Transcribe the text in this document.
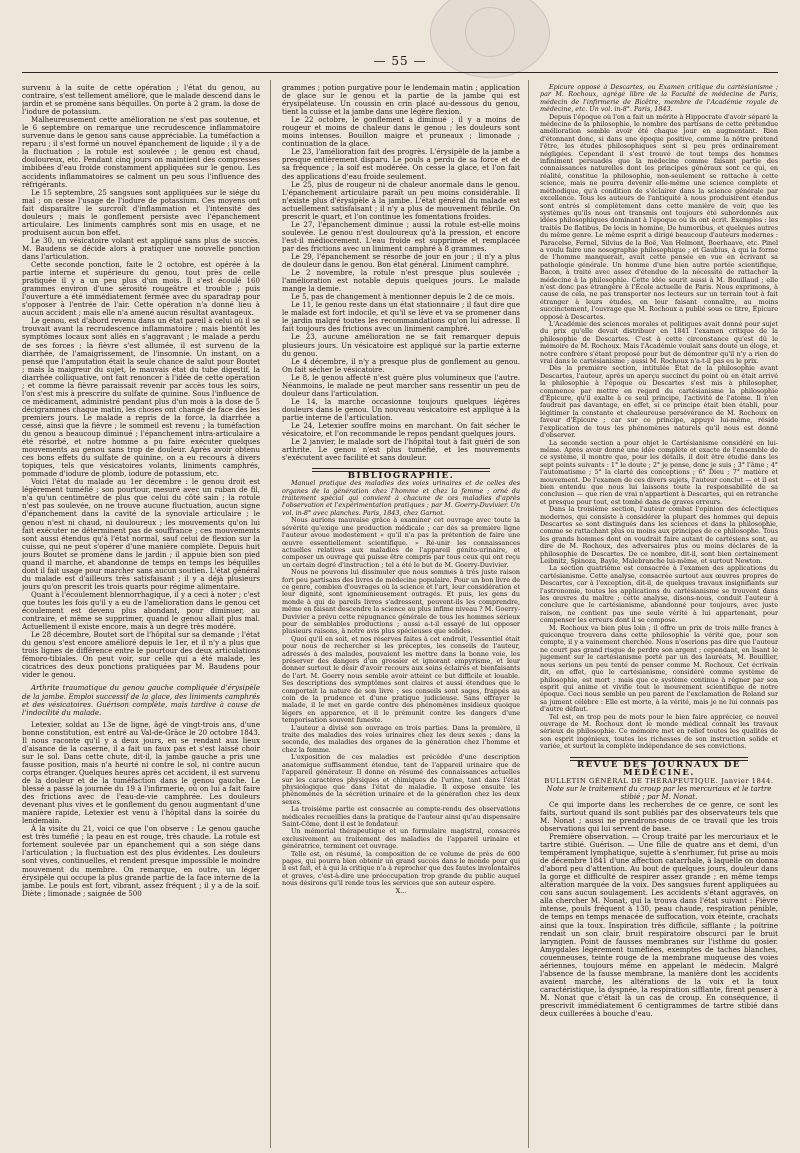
— 55 —

survenu à la suite de cette opération ; l'état du genou, au contraire, s'est tellement amélioré, que le malade descend dans le jardin et se promène sans béquilles. On porte à 2 gram. la dose de l'iodure de potassium.

Malheureusement cette amélioration ne s'est pas soutenue, et le 6 septembre on remarque une recrudescence inflammatoire survenue dans le genou sans cause appréciable. La tuméfaction a reparu ; il s'est formé un nouvel épanchement de liquide ; il y a de la fluctuation ; la rotule est soulevée ; le genou est chaud, douloureux, etc. Pendant cinq jours on maintient des compresses imbibées d'eau froide constamment appliquées sur le genou. Les accidents inflammatoires se calment un peu sous l'influence des réfrigérants.

Le 15 septembre, 25 sangsues sont appliquées sur le siége du mal ; on cesse l'usage de l'iodure de potassium. Ces moyens ont fait disparaître le surcroît d'inflammation et l'intensité des douleurs ; mais le gonflement persiste avec l'épanchement articulaire. Les liniments camphrés sont mis en usage, et ne produisent aucun bon effet.

Le 30, un vésicatoire volant est appliqué sans plus de succès. M. Baudens se décide alors à pratiquer une nouvelle ponction dans l'articulation.

Cette seconde ponction, faite le 2 octobre, est opérée à la partie interne et supérieure du genou, tout près de celle pratiquée il y a un peu plus d'un mois. Il s'est écoulé 160 grammes environ d'une sérosité rougeâtre et trouble ; puis l'ouverture a été immédiatement fermée avec du sparadrap pour s'opposer à l'entrée de l'air. Cette opération n'a donné lieu à aucun accident ; mais elle n'a amené aucun résultat avantageux.

Le genou, est d'abord revenu dans un état pareil à celui où il se trouvait avant la recrudescence inflammatoire ; mais bientôt les symptômes locaux sont allés en s'aggravant ; le malade a perdu de ses forces ; la fièvre s'est allumée, il est survenu de la diarrhée, de l'amaigrissement, de l'insomnie. Un instant, on a pensé que l'amputation était la seule chance de salut pour Boutet ; mais la maigreur du sujet, le mauvais état du tube digestif, la diarrhée colliquative, ont fait renoncer à l'idée de cette opération ; et comme la fièvre paraissait revenir par accès tous les soirs, l'on s'est mis à prescrire du sulfate de quinine. Sous l'influence de ce médicament, administré pendant plus d'un mois à la dose de 5 décigrammes chaque matin, les choses ont changé de face dès les premiers jours. Le malade a repris de la force, la diarrhée a cessé, ainsi que la fièvre ; le sommeil est revenu ; la tuméfaction du genou a beaucoup diminué ; l'épanchement intra-articulaire a été résorbé, et notre homme a pu faire exécuter quelques mouvements au genou sans trop de douleur. Après avoir obtenu ces bons effets du sulfate de quinine, on a eu recours à divers topiques, tels que vésicatoires volants, liniments camphrés, pommade d'iodure de plomb, iodure de potassium, etc.

Voici l'état du malade au 1er décembre : le genou droit est légèrement tuméfié ; son pourtour, mesuré avec un ruban de fil, n'a qu'un centimètre de plus que celui du côté sain ; la rotule n'est pas soulevée, on ne trouve aucune fluctuation, aucun signe d'épanchement dans la cavité de la synoviale articulaire ; le genou n'est ni chaud, ni douloureux ; les mouvements qu'on lui fait exécuter ne déterminent pas de souffrance ; ces mouvements sont aussi étendus qu'à l'état normal, sauf celui de flexion sur la cuisse, qui ne peut s'opérer d'une manière complète. Depuis huit jours Boutet se promène dans le jardin ; il appuie bien son pied quand il marche, et abandonne de temps en temps les béquilles dont il fait usage pour marcher sans aucun soutien. L'état général du malade est d'ailleurs très satisfaisant ; il y a déjà plusieurs jours qu'on prescrit les trois quarts pour régime alimentaire.

Quant à l'écoulement blennorrhagique, il y a ceci à noter ; c'est que toutes les fois qu'il y a eu de l'amélioration dans le genou cet écoulement est devenu plus abondant, pour diminuer, au contraire, et même se supprimer, quand le genou allait plus mal. Actuellement il existe encore, mais à un degré très modéré.

Le 28 décembre, Boutet sort de l'hôpital sur sa demande ; l'état du genou s'est encore amélioré depuis le 1er, et il n'y a plus que trois lignes de différence entre le pourtour des deux articulations fémoro-tibiales. On peut voir, sur celle qui a été malade, les cicatrices des deux ponctions pratiquées par M. Baudens pour vider le genou.

Arthrite traumatique du genou gauche compliquée d'érysipèle de la jambe. Emploi successif de la glace, des liniments camphrés et des vésicatoires. Guérison complète, mais tardive à cause de l'indocilité du malade.

Letexier, soldat au 13e de ligne, âgé de vingt-trois ans, d'une bonne constitution, est entré au Val-de-Grâce le 20 octobre 1843. Il nous raconte qu'il y a deux jours, en se rendant aux lieux d'aisance de la caserne, il a fait un faux pas et s'est laissé choir sur le sol. Dans cette chute, dit-il, la jambe gauche a pris une fausse position, mais n'a heurté ni contre le sol, ni contre aucun corps étranger. Quelques heures après cet accident, il est survenu de la douleur et de la tuméfaction dans le genou gauche. Le blessé a passé la journée du 19 à l'infirmerie, où on lui a fait faire des frictions avec de l'eau-de-vie camphrée. Les douleurs devenant plus vives et le gonflement du genou augmentant d'une manière rapide, Letexier est venu à l'hôpital dans la soirée du lendemain.

À la visite du 21, voici ce que l'on observe : Le genou gauche est très tuméfié ; la peau en est rouge, très chaude. La rotule est fortement soulevée par un épanchement qui a son siége dans l'articulation ; la fluctuation est des plus évidentes. Les douleurs sont vives, continuelles, et rendent presque impossible le moindre mouvement du membre. On remarque, en outre, un léger érysipèle qui occupe la plus grande partie de la face interne de la jambe. Le pouls est fort, vibrant, assez fréquent ; il y a de la soif. Diète ; limonade ; saignée de 500

grammes ; potion purgative pour le lendemain matin ; application de glace sur le genou et la partie de la jambe qui est érysipélateuse. Un coussin en crin placé au-dessous du genou, tient la cuisse et la jambe dans une légère flexion.

Le 22 octobre, le gonflement a diminué ; il y a moins de rougeur et moins de chaleur dans le genou ; les douleurs sont moins intenses. Bouillon maigre et pruneaux ; limonade ; continuation de la glace.

Le 23, l'amélioration fait des progrès. L'érysipèle de la jambe a presque entièrement disparu. Le pouls a perdu de sa force et de sa fréquence ; la soif est modérée. On cesse la glace, et l'on fait des applications d'eau froide seulement.

Le 25, plus de rougeur ni de chaleur anormale dans le genou. L'épanchement articulaire paraît un peu moins considérable. Il n'existe plus d'érysipèle à la jambe. L'état général du malade est actuellement satisfaisant ; il n'y a plus de mouvement fébrile. On prescrit le quart, et l'on continue les fomentations froides.

Le 27, l'épanchement diminue ; aussi la rotule est-elle moins soulevée. Le genou n'est douloureux qu'à la pression, et encore l'est-il médiocrement. L'eau froide est supprimée et remplacée par des frictions avec un liniment camphré à 8 grammes.

Le 29, l'épanchement se résorbe de jour en jour ; il n'y a plus de douleur dans le genou. Bon état général. Liniment camphré.

Le 2 novembre, la rotule n'est presque plus soulevée ; l'amélioration est notable depuis quelques jours. Le malade mange la demie.

Le 5, pas de changement à mentionner depuis le 2 de ce mois.

Le 11, le genou reste dans un état stationnaire ; il faut dire que le malade est fort indocile, et qu'il se lève et va se promener dans le jardin malgré toutes les recommandations qu'on lui adresse. Il fait toujours des frictions avec un liniment camphré.

Le 23, aucune amélioration ne se fait remarquer depuis plusieurs jours. Un vésicatoire est appliqué sur la partie externe du genou.

Le 4 décembre, il n'y a presque plus de gonflement au genou. On fait sécher le vésicatoire.

Le 8, le genou affecté n'est guère plus volumineux que l'autre. Néanmoins, le malade ne peut marcher sans ressentir un peu de douleur dans l'articulation.

Le 14, la marche occasionne toujours quelques légères douleurs dans le genou. Un nouveau vésicatoire est appliqué à la partie interne de l'articulation.

Le 24, Letexier souffre moins en marchant. On fait sécher le vésicatoire, et l'on recommande le repos pendant quelques jours.

Le 2 janvier, le malade sort de l'hôpital tout à fait guéri de son arthrite. Le genou n'est plus tuméfié, et les mouvements s'exécutent avec facilité et sans douleur.

BIBLIOGRAPHIE.

Manuel pratique des maladies des voies urinaires et de celles des organes de la génération chez l'homme et chez la femme ; orné du traitement spécial qui convient à chacune de ces maladies d'après l'observation et l'expérimentation pratiques ; par M. Goerry-Duvivier. Un vol. in-8° avec planches. Paris, 1843, chez Garnot.

Nous aurions mauvaise grâce à examiner cet ouvrage avec toute la sévérité qu'exige une production médicale ; car dès sa première ligne l'auteur avoue modestement « qu'il n'a pas la prétention de faire une œuvre essentiellement scientifique. » Ré-unir les connaissances actuelles relatives aux maladies de l'appareil génito-urinaire, et composer un ouvrage qui puisse être compris par tous ceux qui ont reçu un certain degré d'instruction ; tel a été le but de M. Goerry-Duvivier.

Nous ne pouvons lui dissimuler que nous sommes à très juste raison fort peu partisans des livres de médecine populaire. Pour un bon livre de ce genre, combien d'ouvrages où la science et l'art, leur considération et leur dignité, sont ignominieusement outragés. Et puis, les gens du monde à qui de pareils livres s'adressent, peuvent-ils les comprendre, même en faisant descendre la science au plus infime niveau ? M. Goerry-Duvivier a prévu cette répugnance générale de tous les hommes sérieux pour de semblables productions ; aussi a-t-il essayé de lui opposer plusieurs raisons, à notre avis plus spécieuses que solides.

Quoi qu'il en soit, et nos réserves faites à cet endroit, l'essentiel était pour nous de rechercher si les préceptes, les conseils de l'auteur, adressés à des malades, pouvaient les mettre dans la bonne voie, les préserver des dangers d'un grossier et ignorant empyrisme, et leur donner surtout le désir d'avoir recours aux soins éclairés et bienfaisants de l'art. M. Goerry nous semble avoir atteint ce but difficile et louable. Ses descriptions des symptômes sont claires et aussi étendues que le comportait la nature de son livre ; ses conseils sont sages, frappés au coin de la prudence et d'une pratique judicieuse. Sans effrayer le malade, il le met en garde contre des phénomènes insidieux quoique légers en apparence, et il le prémunit contre les dangers d'une temporisation souvent funeste.

L'auteur a divisé son ouvrage en trois parties. Dans la première, il traite des maladies des voies urinaires chez les deux sexes ; dans la seconde, des maladies des organes de la génération chez l'homme et chez la femme.

L'exposition de ces maladies est précédée d'une description anatomique suffisamment étendue, tant de l'appareil urinaire que de l'appareil générateur. Il donne en résumé des connaissances actuelles sur les caractères physiques et chimiques de l'urine, tant dans l'état physiologique que dans l'état de maladie. Il expose ensuite les phénomènes de la sécrétion urinaire et de la génération chez les deux sexes.

La troisième partie est consacrée au compte-rendu des observations médicales recueillies dans la pratique de l'auteur ainsi qu'au dispensaire Saint-Côme, dont il est le fondateur.

Un mémorial thérapeutique et un formulaire magistral, consacrés exclusivement au traitement des maladies de l'appareil urinaire et génératrice, terminent cet ouvrage.

Telle est, en résumé, la composition de ce volume de près de 600 pages, qui pourra bien obtenir un grand succès dans le monde pour qui il est fait, et à qui la critique n'a à reprocher que des fautes involontaires et graves, c'est-à-dire une préoccupation trop grande du public auquel nous désirons qu'il rende tous les services que son auteur espère.

X...

Épicure opposé à Descartes, ou Examen critique du cartésianisme ; par M. Rochoux, agrégé libre de la Faculté de médecine de Paris, médecin de l'infirmerie de Bicêtre, membre de l'Académie royale de médecine, etc. Un vol. in-8°. Paris, 1843.

Depuis l'époque où l'on a fait un mérite à Hippocrate d'avoir séparé la médecine de la philosophie, le nombre des partisans de cette prétendue amélioration semble avoir été chaque jour en augmentant. Rien d'étonnant donc, si dans une époque positive, comme la nôtre prétend l'être, les études philosophiques sont si peu prés ordinairement négligées. Cependant il s'est trouvé de tout temps des hommes infiniment persuadés que la médecine comme faisant partie des connaissances naturelles dont les principes généraux sont ce qui, en réalité, constitue la philosophie, non-seulement se rattache à cette science, mais ne pourra devenir elle-même une science complète et méthodique, qu'à condition de s'éclairer dans la science générale par excellence. Tous les auteurs de l'antiquité à nous produisirent étendus sont entrés si complètement dans cette manière de voir, que les systèmes qu'ils nous ont transmis ont toujours été subordonnés aux idées philosophiques dominant à l'époque où ils ont écrit. Exemples : les traités De flatibus, De locis in homine, De humoribus, et quelques autres du même genre. Le même esprit a dirigé beaucoup d'auteurs modernes : Paracelse, Fernel, Silvius de la Boë, Van Helmont, Boerhaave, etc. Pinel a voulu faire une nosographie philosophique ; et Gaubius, à qui la forme de l'homme manquerait, avait cette pensée en vue en écrivant sa pathologie générale. Un homme d'une bien autre portée scientifique, Bacon, à traité avec assez d'étendue de la nécessité de rattacher la médecine à la philosophie. Cette idée sourit aussi à M. Bouillaud ; elle n'est donc pas étrangère à l'École actuelle de Paris. Nous exprimons, à cause de cela, ne pas transporter nos lecteurs sur un terrain tout à fait étranger à leurs études, en leur faisant connaître, au moins succinctement, l'ouvrage que M. Rochoux a publié sous ce titre, Épicure opposé à Descartes.

L'Académie des sciences morales et politiques avait donné pour sujet du prix qu'elle devait distribuer en 1841 l'examen critique de la philosophie de Descartes. C'est à cette circonstance qu'est dû le mémoire de M. Rochoux. Mais l'Académie voulait sans doute un éloge, et notre confrère s'étant proposé pour but de démontrer qu'il n'y a rien de vrai dans le cartésianisme ; aussi M. Rochoux n'a-t-il pas eu le prix.

Dès la première section, intitulée État de la philosophie avant Descartes, l'auteur, après un aperçu succinct du point où en était arrivé la philosophie à l'époque où Descartes s'est mis à philosopher, commence par mettre en regard du cartésianisme la philosophie d'Épicure, qu'il exalte à ce seul principe, l'activité de l'atome. Il n'en faudrait pas davantage, en effet, si ce principe était bien établi, pour légitimer la constante et chaleureuse persévérance de M. Rochoux en faveur d'Épicure ; car sur ce principe, appuyé lui-même, réside l'explication de tous les phénomènes naturels qu'il nous est donné d'observer.

La seconde section a pour objet le Cartésianisme considéré en lui-même. Après avoir donné une idée complète et exacte de l'ensemble de ce système, il montre que, pour les détails, il doit être étudié dans les sept points suivants : 1° le doute ; 2° je pense, donc je suis ; 3° l'âme ; 4° l'automatisme ; 5° la clarté des conceptions ; 6° Dieu ; 7° matière et mouvement. De l'examen de ces divers sujets, l'auteur conclut — et il est bien entendu que nous lui laissons toute la responsabilité de sa conclusion — que rien de vrai n'appartient à Descartes, qui en retranche et presque pour tout, est tombé dans de graves erreurs.

Dans la troisième section, l'auteur combat l'opinion des éclectiques modernes, qui consiste à considérer la plupart des hommes qui depuis Descartes se sont distingués dans les sciences et dans la philosophie, comme se rattachant plus ou moins aux principes de ce philosophe. Tous les grands hommes dont on voudrait faire autant de cartésiens sont, au dire de M. Rochoux, des adversaires plus ou moins déclarés de la philosophie de Descartes. De ce nombre, dit-il, sont bien certainement Leibnitz, Spinoza, Bayle, Malebranche lui-même, et surtout Newton.

La section quatrième est consacrée à l'examen des applications du cartésianisme. Cette analyse, consacrée surtout aux œuvres propres de Descartes, car à l'exception, dit-il, de quelques travaux insignifiants sur l'astronomie, toutes les applications du cartésianisme se trouvent dans les œuvres du maître ; cette analyse, disons-nous, conduit l'auteur à conclure que le cartésianisme, abandonné pour toujours, avec juste raison, ne contient pas une seule vérité à lui appartenant, pour compenser les erreurs dont il se compose.

M. Rochoux va bien plus loin ; il offre un prix de trois mille francs à quiconque trouvera dans cette philosophie la vérité que, pour son compte, il y a vainement cherchée. Nous n'oserions pas dire que l'auteur ne court pas grand risque de perdre son argent ; cependant, en lisant le jugement sur le cartésianisme porté par un des lauréats, M. Bouillier, nous serions un peu tenté de penser comme M. Rochoux. Cet écrivain dit, en effet, que le cartésianisme, considéré comme système de philosophie, est mort ; mais que ce système continue à régner par son esprit qui anime et vivifie tout le mouvement scientifique de notre époque. Ceci nous semble un peu parent de l'exclamation de Roland sur sa jument célèbre : Elle est morte, à la vérité, mais je ne lui connais pas d'autre défaut.

Tel est, en trop peu de mots pour le bien faire apprécier, ce nouvel ouvrage de M. Rochoux dont le monde médical connaît les travaux sérieux de philosophie. Ce mémoire met en relief toutes les qualités de son esprit ingénieux, toutes les richesses de son instruction solide et variée, et surtout la complète indépendance de ses convictions.

REVUE DES JOURNAUX DE MÉDECINE.

BULLETIN GÉNÉRAL DE THÉRAPEUTIQUE. Janvier 1844.

Note sur le traitement du croup par les mercuriaux et le tartre stibié ; par M. Nonat.

Ce qui importe dans les recherches de ce genre, ce sont les faits, surtout quand ils sont publiés par des observateurs tels que M. Nonat ; aussi ne prendrons-nous de ce travail que les trois observations qui lui servent de base.

Première observation. — Croup traité par les mercuriaux et le tartre stibié. Guérison. — Une fille de quatre ans et demi, d'un tempérament lymphatique, sujette à s'enrhumer, fut prise au mois de décembre 1841 d'une affection catarrhale, à laquelle on donna d'abord peu d'attention. Au bout de quelques jours, douleur dans la gorge et difficulté de respirer assez grande ; en même temps altération marquée de la voix. Des sangsues furent appliquées au cou sans aucun soulagement. Les accidents s'étant aggravés, on alla chercher M. Nonat, qui la trouva dans l'état suivant : Fièvre intense, pouls fréquent à 130, peau chaude, respiration pénible, de temps en temps menacée de suffocation, voix éteinte, crachats ainsi que la toux. Inspiration très difficile, sifflante ; la poitrine rendait un son clair, bruit respiratoire obscurci par le bruit laryngien. Point de fausses membranes sur l'isthme du gosier. Amygdales légèrement tuméfiées, exemptes de taches blanches, couenneuses, teinte rouge de la membrane muqueuse des voies aériennes, toujours même en appelant le médecin. Malgré l'absence de la fausse membrane, la manière dont les accidents avaient marché, les altérations de la voix et la toux caractéristique, la dyspnée, la respiration sifflante, firent penser à M. Nonat que c'était là un cas de croup. En conséquence, il prescrivit immédiatement 6 centigrammes de tartre stibié dans deux cuillerées à bouche d'eau.
